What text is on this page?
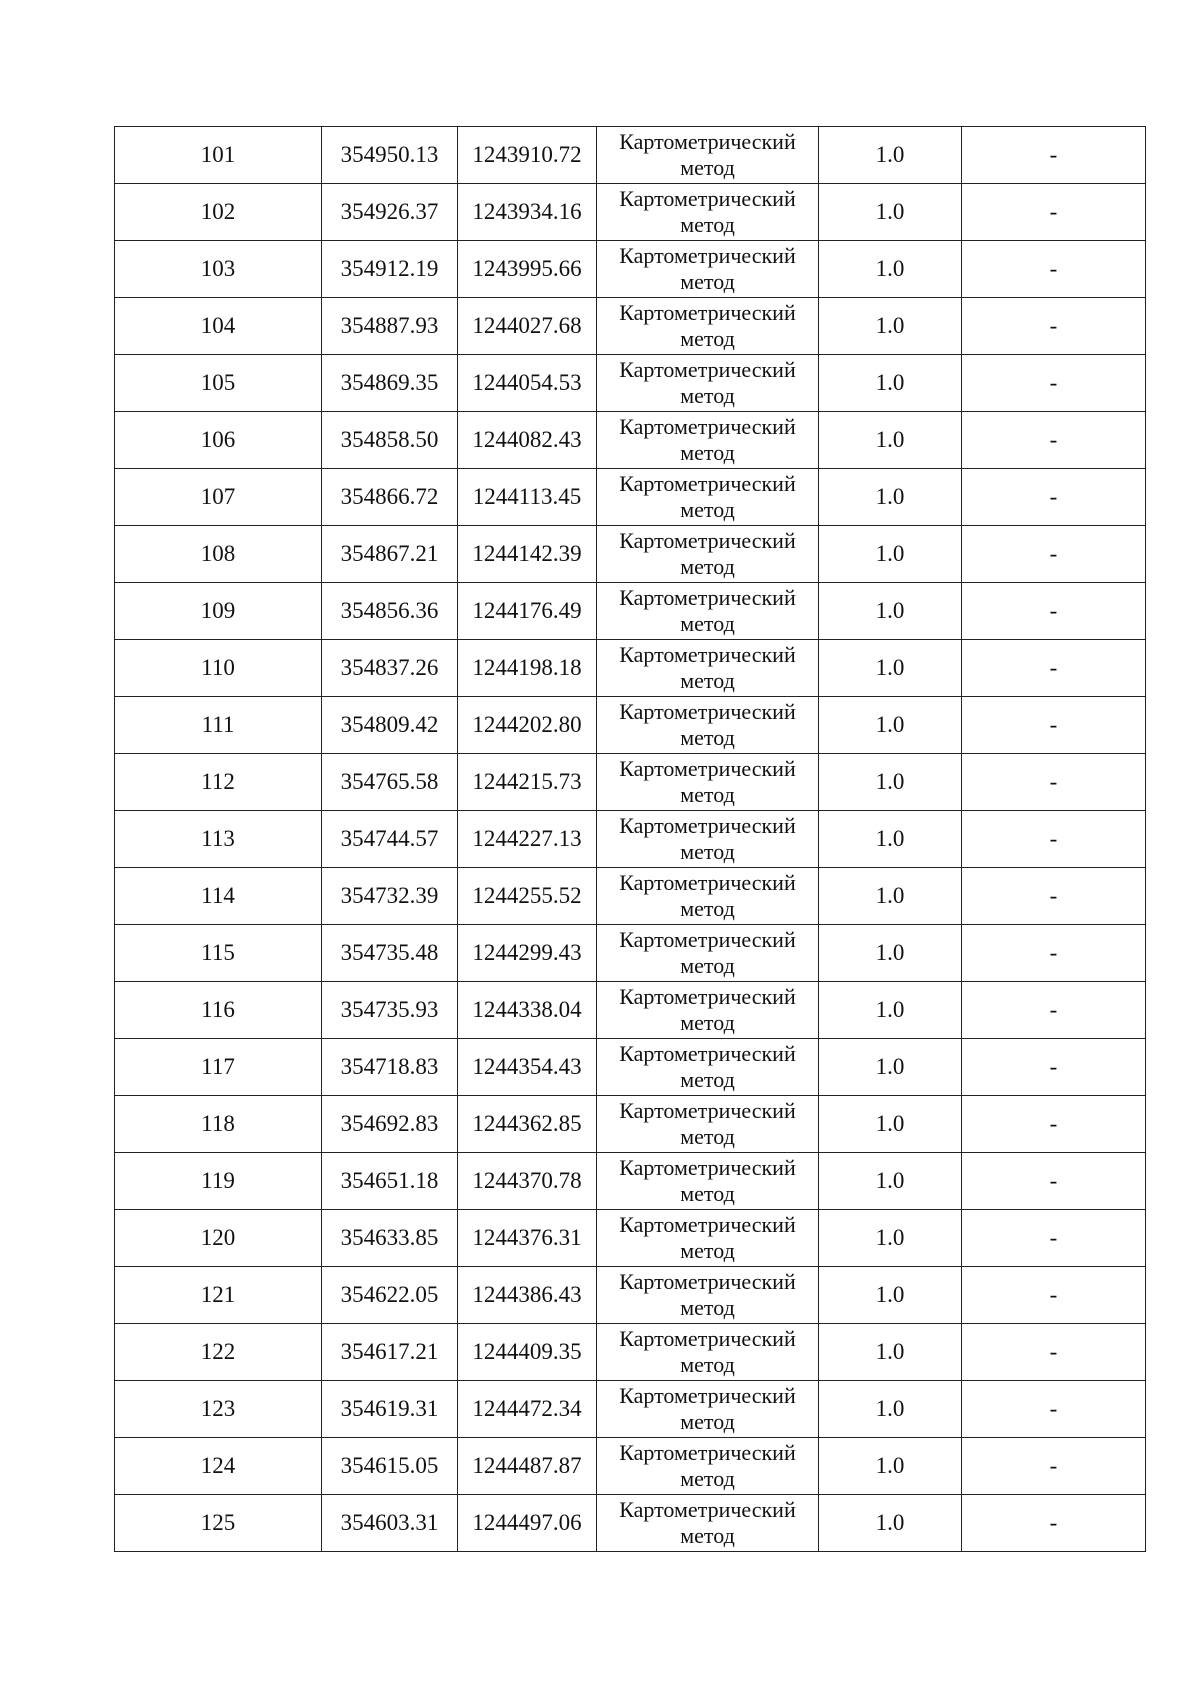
101	354950.13	1243910.72	Картометрический метод	1.0	-
102	354926.37	1243934.16	Картометрический метод	1.0	-
103	354912.19	1243995.66	Картометрический метод	1.0	-
104	354887.93	1244027.68	Картометрический метод	1.0	-
105	354869.35	1244054.53	Картометрический метод	1.0	-
106	354858.50	1244082.43	Картометрический метод	1.0	-
107	354866.72	1244113.45	Картометрический метод	1.0	-
108	354867.21	1244142.39	Картометрический метод	1.0	-
109	354856.36	1244176.49	Картометрический метод	1.0	-
110	354837.26	1244198.18	Картометрический метод	1.0	-
111	354809.42	1244202.80	Картометрический метод	1.0	-
112	354765.58	1244215.73	Картометрический метод	1.0	-
113	354744.57	1244227.13	Картометрический метод	1.0	-
114	354732.39	1244255.52	Картометрический метод	1.0	-
115	354735.48	1244299.43	Картометрический метод	1.0	-
116	354735.93	1244338.04	Картометрический метод	1.0	-
117	354718.83	1244354.43	Картометрический метод	1.0	-
118	354692.83	1244362.85	Картометрический метод	1.0	-
119	354651.18	1244370.78	Картометрический метод	1.0	-
120	354633.85	1244376.31	Картометрический метод	1.0	-
121	354622.05	1244386.43	Картометрический метод	1.0	-
122	354617.21	1244409.35	Картометрический метод	1.0	-
123	354619.31	1244472.34	Картометрический метод	1.0	-
124	354615.05	1244487.87	Картометрический метод	1.0	-
125	354603.31	1244497.06	Картометрический метод	1.0	-
